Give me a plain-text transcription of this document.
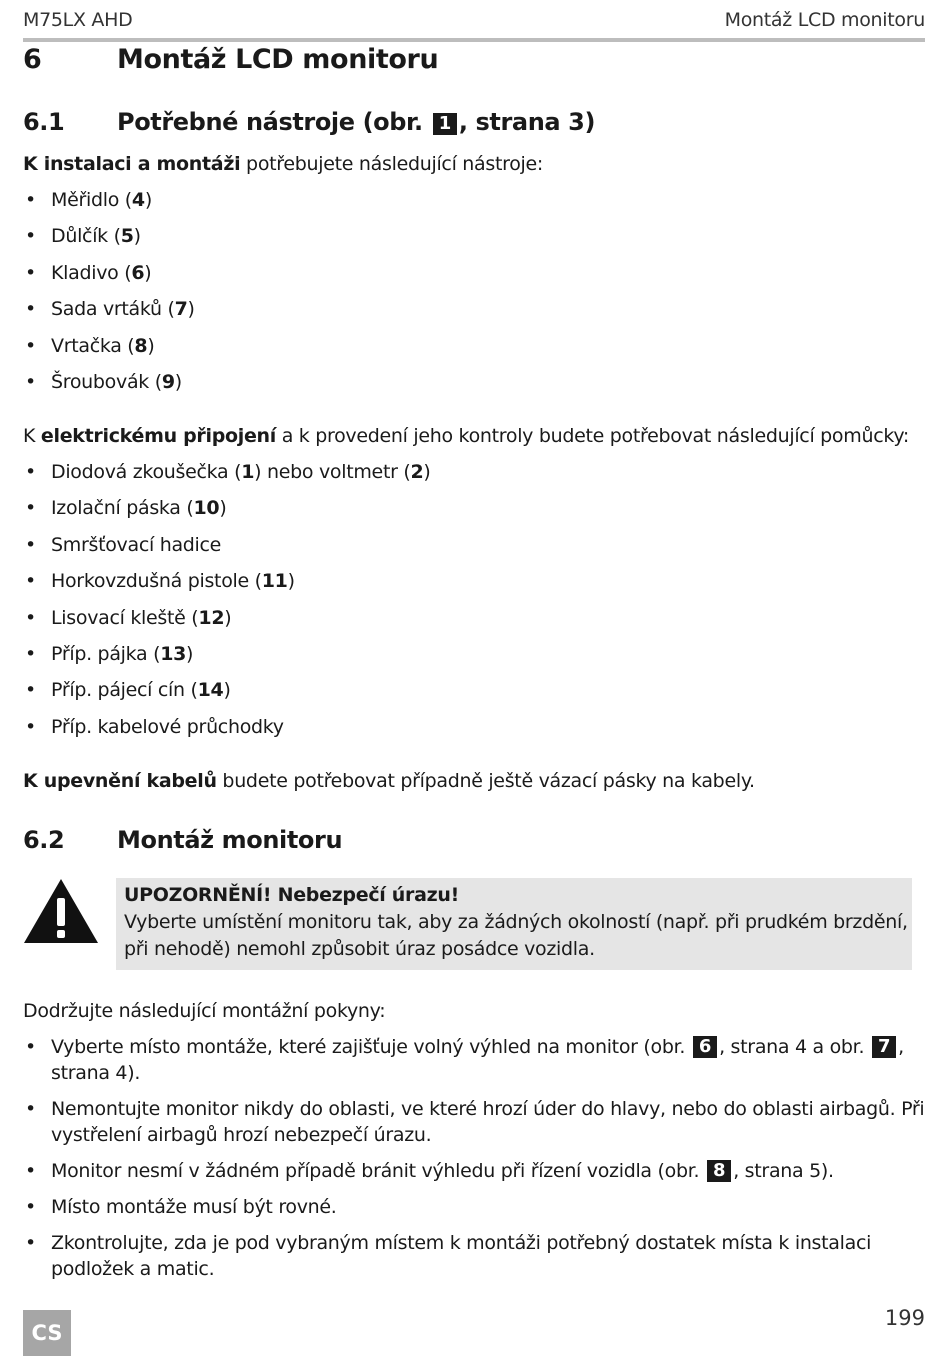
M75LX AHD	Montáž LCD monitoru
6	Montáž LCD monitoru
6.1 Potřebné nástroje (obr. 1 , strana 3)
K instalaci a montáži potřebujete následující nástroje:
• Měřidlo (4)
• Důlčík (5)
• Kladivo (6)
• Sada vrtáků (7)
• Vrtačka (8)
• Šroubovák (9)
K elektrickému připojení a k provedení jeho kontroly budete potřebovat následující pomůcky:
• Diodová zkoušečka (1) nebo voltmetr (2)
• Izolační páska (10)
• Smršťovací hadice
• Horkovzdušná pistole (11)
• Lisovací kleště (12)
• Příp. pájka (13)
• Příp. pájecí cín (14)
• Příp. kabelové průchodky
K upevnění kabelů budete potřebovat případně ještě vázací pásky na kabely.
6.2 Montáž monitoru
UPOZORNĚNÍ! Nebezpečí úrazu!
Vyberte umístění monitoru tak, aby za žádných okolností (např. při prudkém brzdění, při nehodě) nemohl způsobit úraz posádce vozidla.
Dodržujte následující montážní pokyny:
• Vyberte místo montáže, které zajišťuje volný výhled na monitor (obr. 6 , strana 4 a obr. 7 , strana 4).
• Nemontujte monitor nikdy do oblasti, ve které hrozí úder do hlavy, nebo do oblasti airbagů. Při vystřelení airbagů hrozí nebezpečí úrazu.
• Monitor nesmí v žádném případě bránit výhledu při řízení vozidla (obr. 8 , strana 5).
• Místo montáže musí být rovné.
• Zkontrolujte, zda je pod vybraným místem k montáži potřebný dostatek místa k instalaci podložek a matic.
CS
199
